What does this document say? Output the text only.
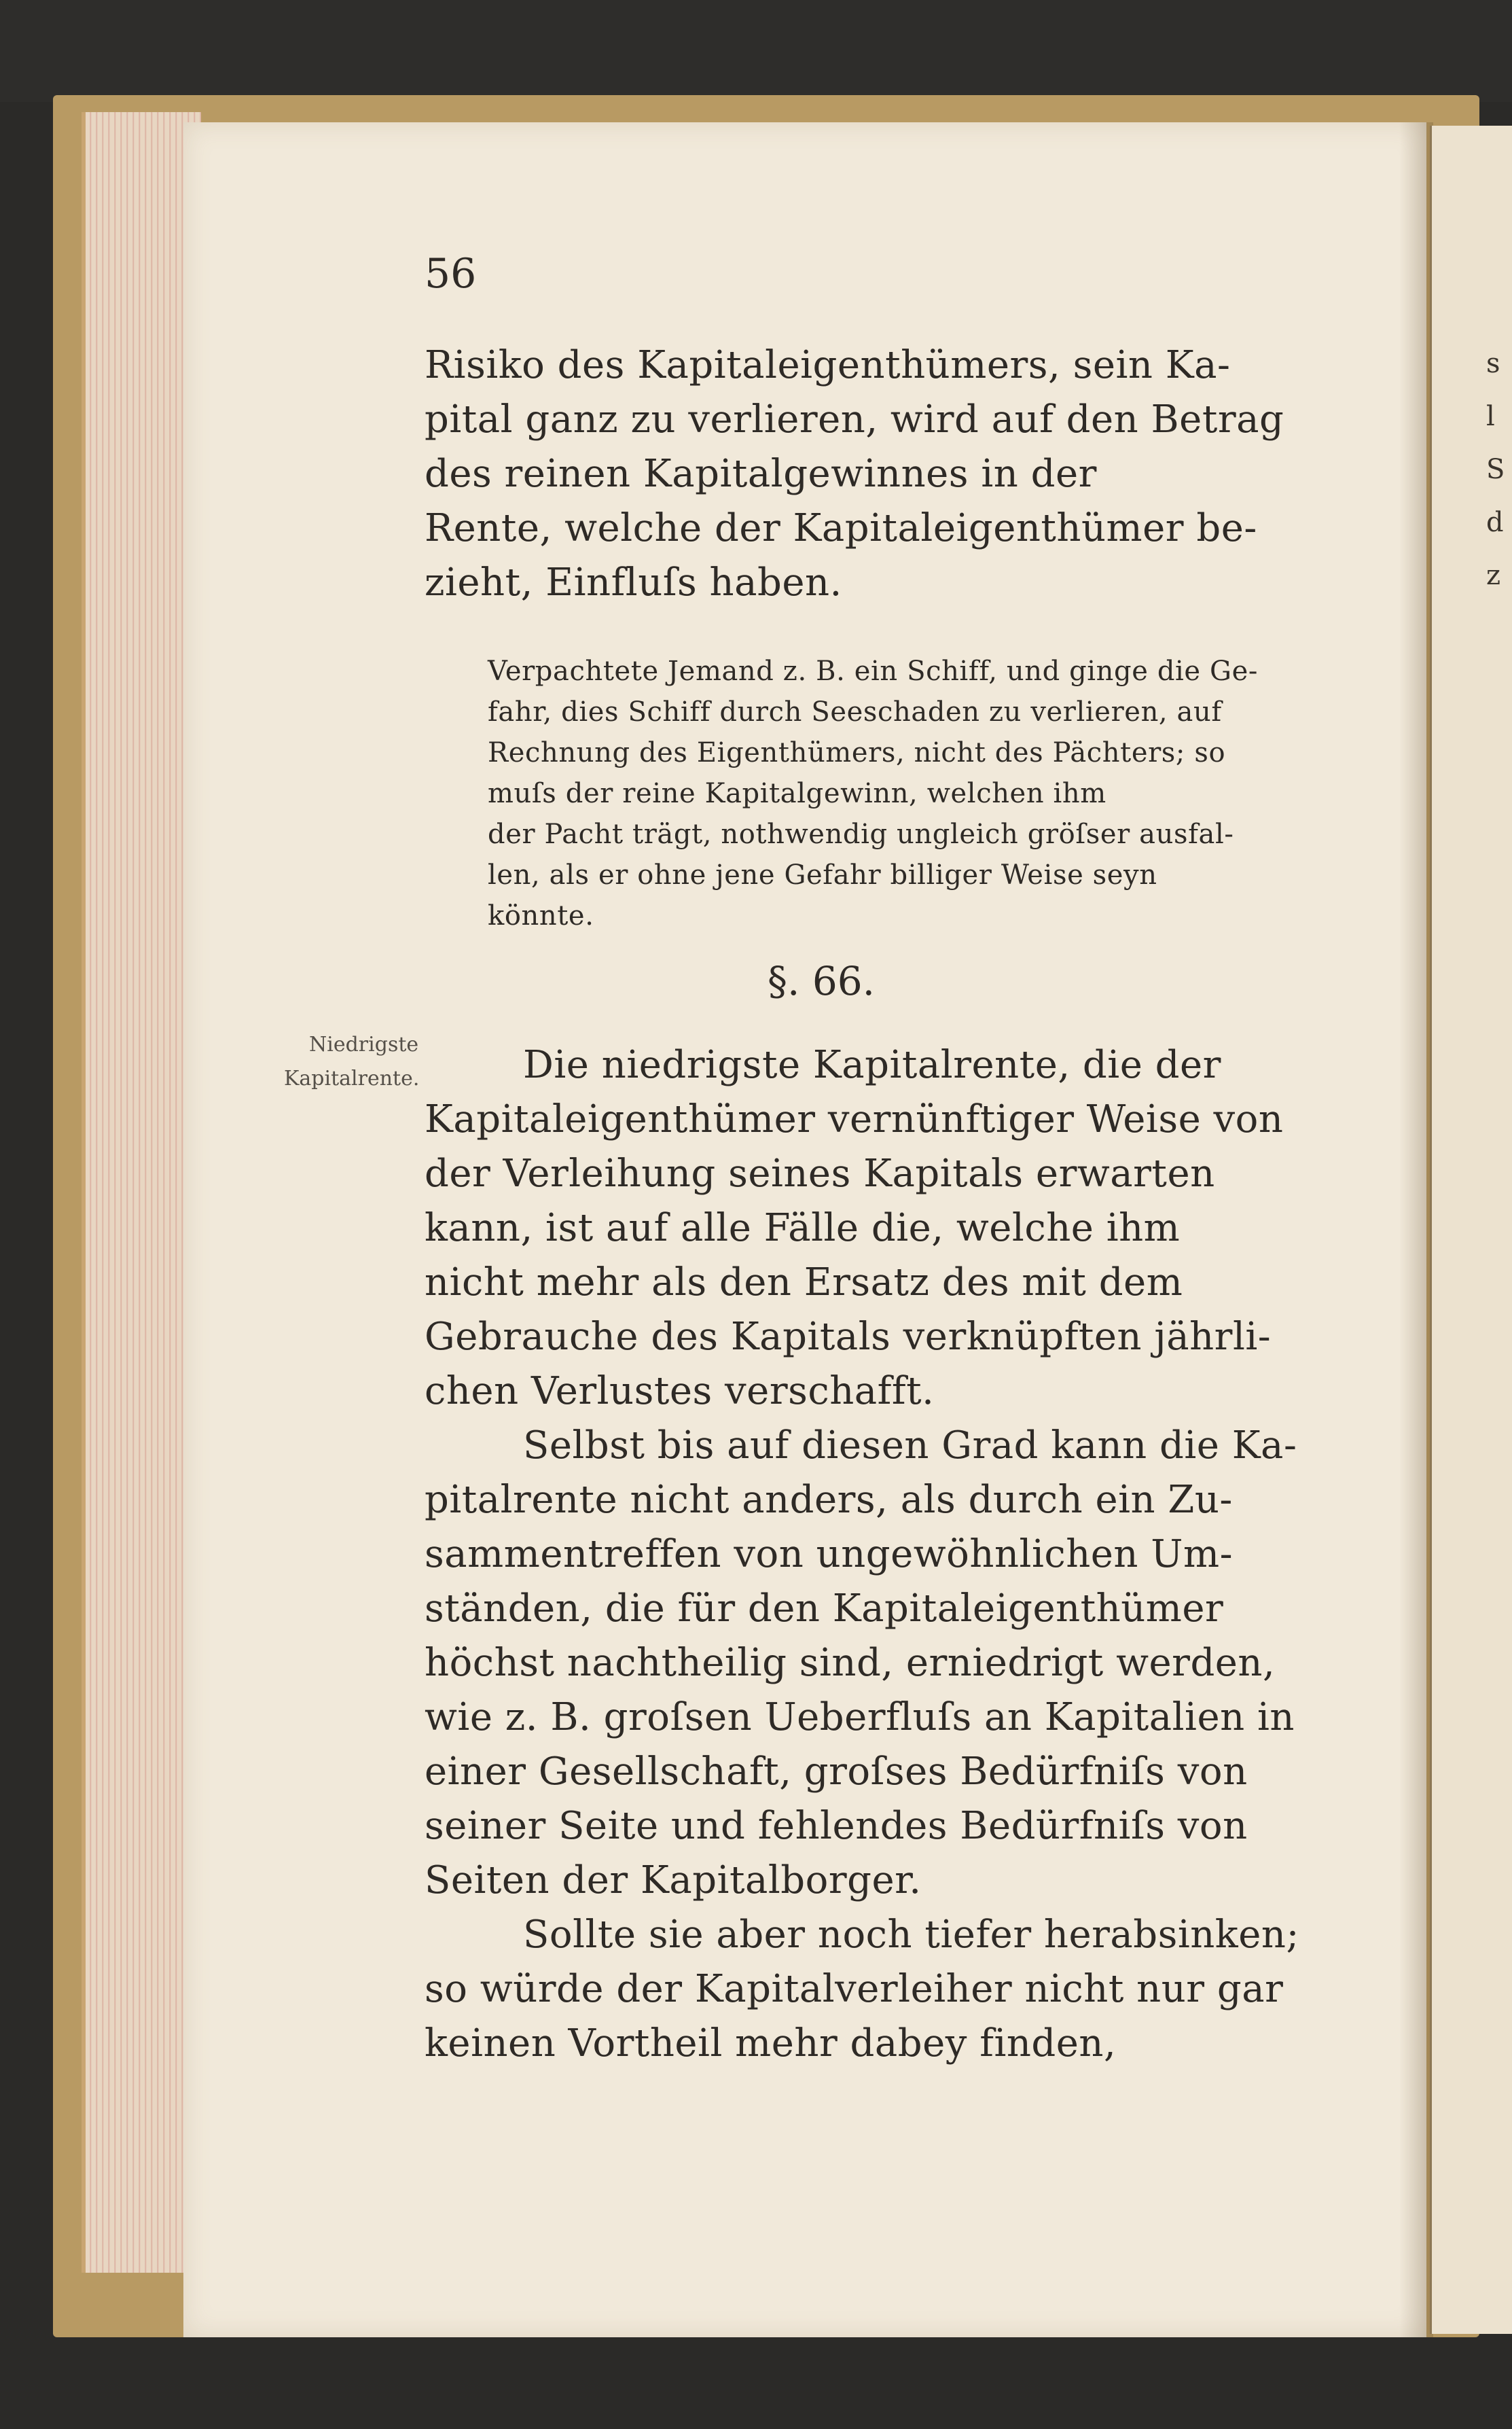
s
l
S
d
z

56

Risiko des Kapitaleigenthümers, sein Ka-

pital ganz zu verlieren, wird auf den Betrag

des reinen Kapitalgewinnes in der

Rente, welche der Kapitaleigenthümer be-

zieht, Einfluſs haben.

Verpachtete Jemand z. B. ein Schiff, und ginge die Ge-

fahr, dies Schiff durch Seeschaden zu verlieren, auf

Rechnung des Eigenthümers, nicht des Pächters; so

muſs der reine Kapitalgewinn, welchen ihm

der Pacht trägt, nothwendig ungleich gröſser ausfal-

len, als er ohne jene Gefahr billiger Weise seyn

könnte.

§. 66.

Niedrigste
Kapitalrente.	Die niedrigste Kapitalrente, die der

Kapitaleigenthümer vernünftiger Weise von

der Verleihung seines Kapitals erwarten

kann, ist auf alle Fälle die, welche ihm

nicht mehr als den Ersatz des mit dem

Gebrauche des Kapitals verknüpften jährli-

chen Verlustes verschafft.

Selbst bis auf diesen Grad kann die Ka-

pitalrente nicht anders, als durch ein Zu-

sammentreffen von ungewöhnlichen Um-

ständen, die für den Kapitaleigenthümer

höchst nachtheilig sind, erniedrigt werden,

wie z. B. groſsen Ueberfluſs an Kapitalien in

einer Gesellschaft, groſses Bedürfniſs von

seiner Seite und fehlendes Bedürfniſs von

Seiten der Kapitalborger.

Sollte sie aber noch tiefer herabsinken;

so würde der Kapitalverleiher nicht nur gar

keinen Vortheil mehr dabey finden,
